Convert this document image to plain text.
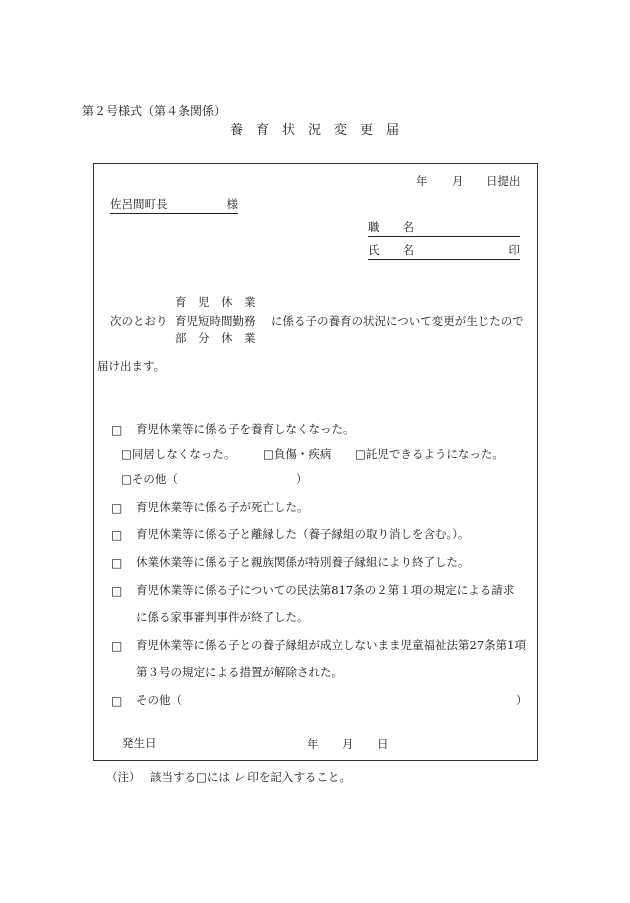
第２号様式（第４条関係）
養　育　状　況　変　更　届
年 月 日提出
佐呂間町長	様
職　　名
氏　　名	印
育　児　休　業
次のとおり 育児短時間勤務 に係る子の養育の状況について変更が生じたので
部　分　休　業
届け出ます。
□ 育児休業等に係る子を養育しなくなった。
□同居しなくなった。 □負傷・疾病 □託児できるようになった。
□その他（	）
□ 育児休業等に係る子が死亡した。
□ 育児休業等に係る子と離縁した（養子縁組の取り消しを含む。）。
□ 休業休業等に係る子と親族関係が特別養子縁組により終了した。
□ 育児休業等に係る子についての民法第817条の２第１項の規定による請求
に係る家事審判事件が終了した。
□ 育児休業等に係る子との養子縁組が成立しないまま児童福祉法第27条第1項
第３号の規定による措置が解除された。
□ その他（	）
発生日	年 月 日
（注） 該当する□には レ 印を記入すること。
